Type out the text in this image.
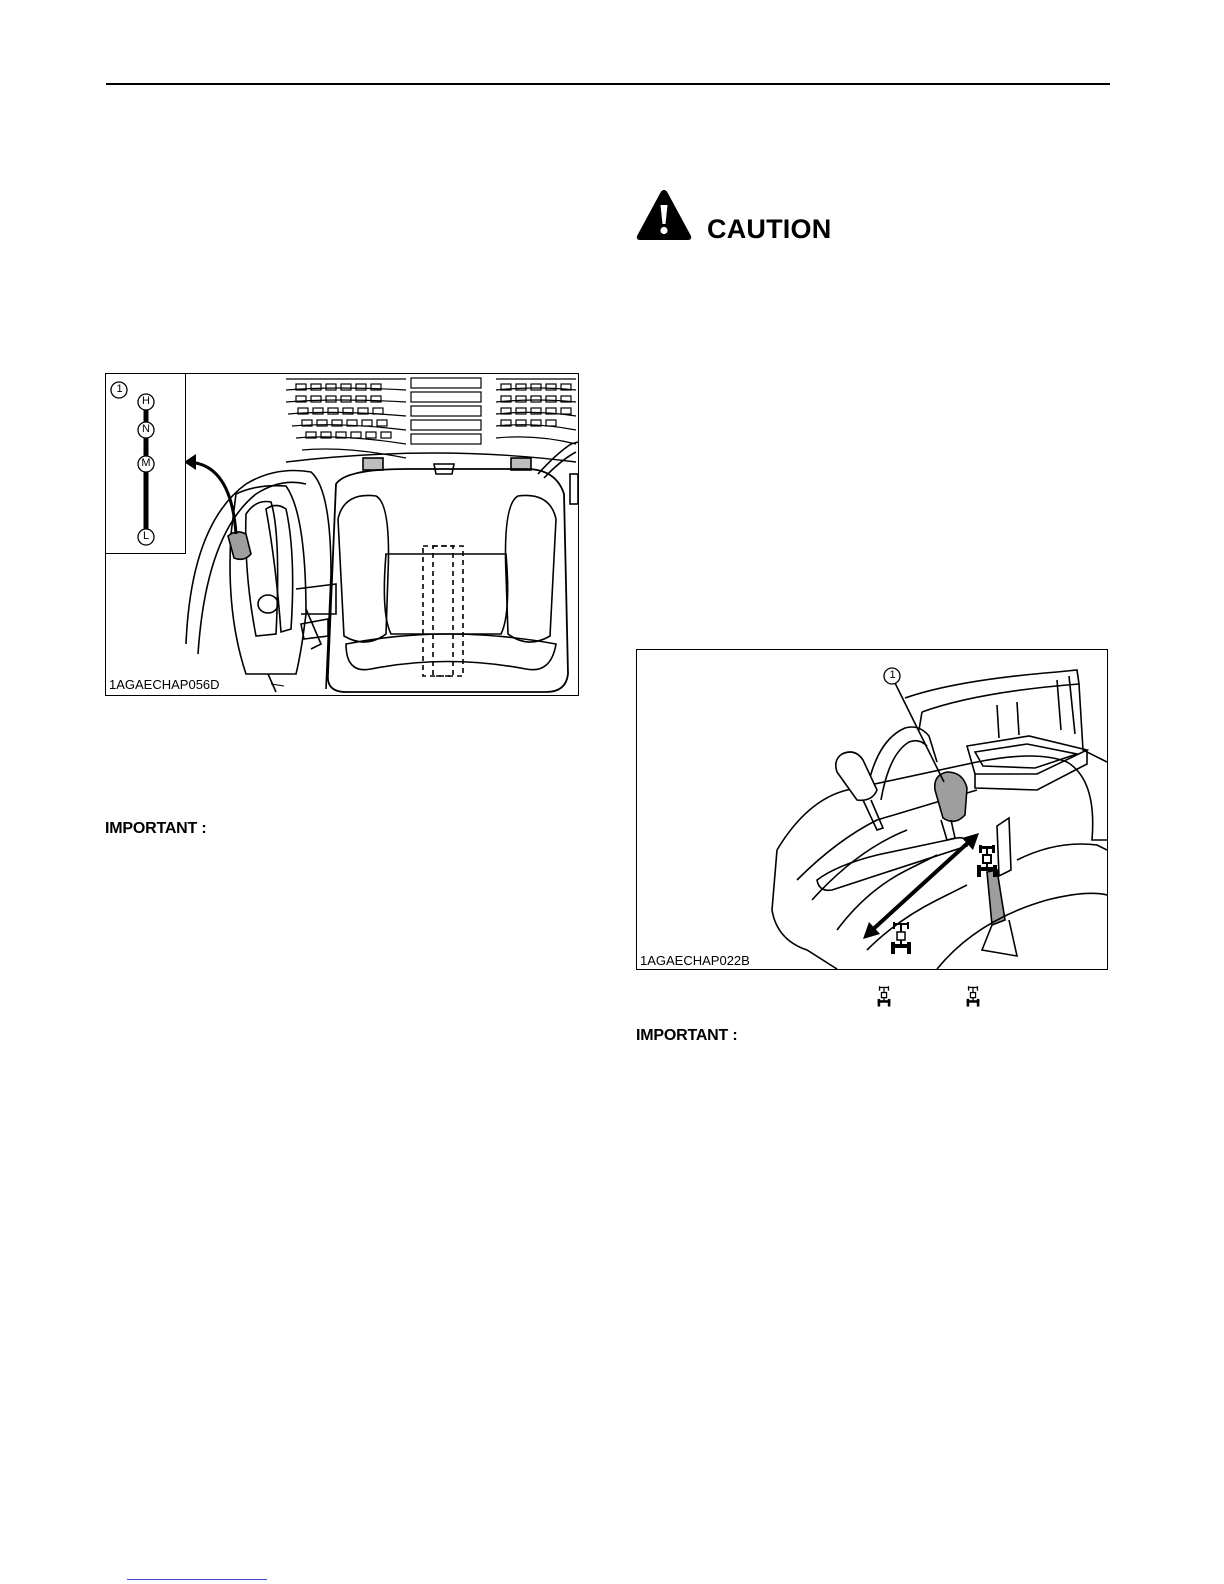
1
H
N
M
L
1AGAECHAP056D
IMPORTANT :
CAUTION
1
1AGAECHAP022B
IMPORTANT :
